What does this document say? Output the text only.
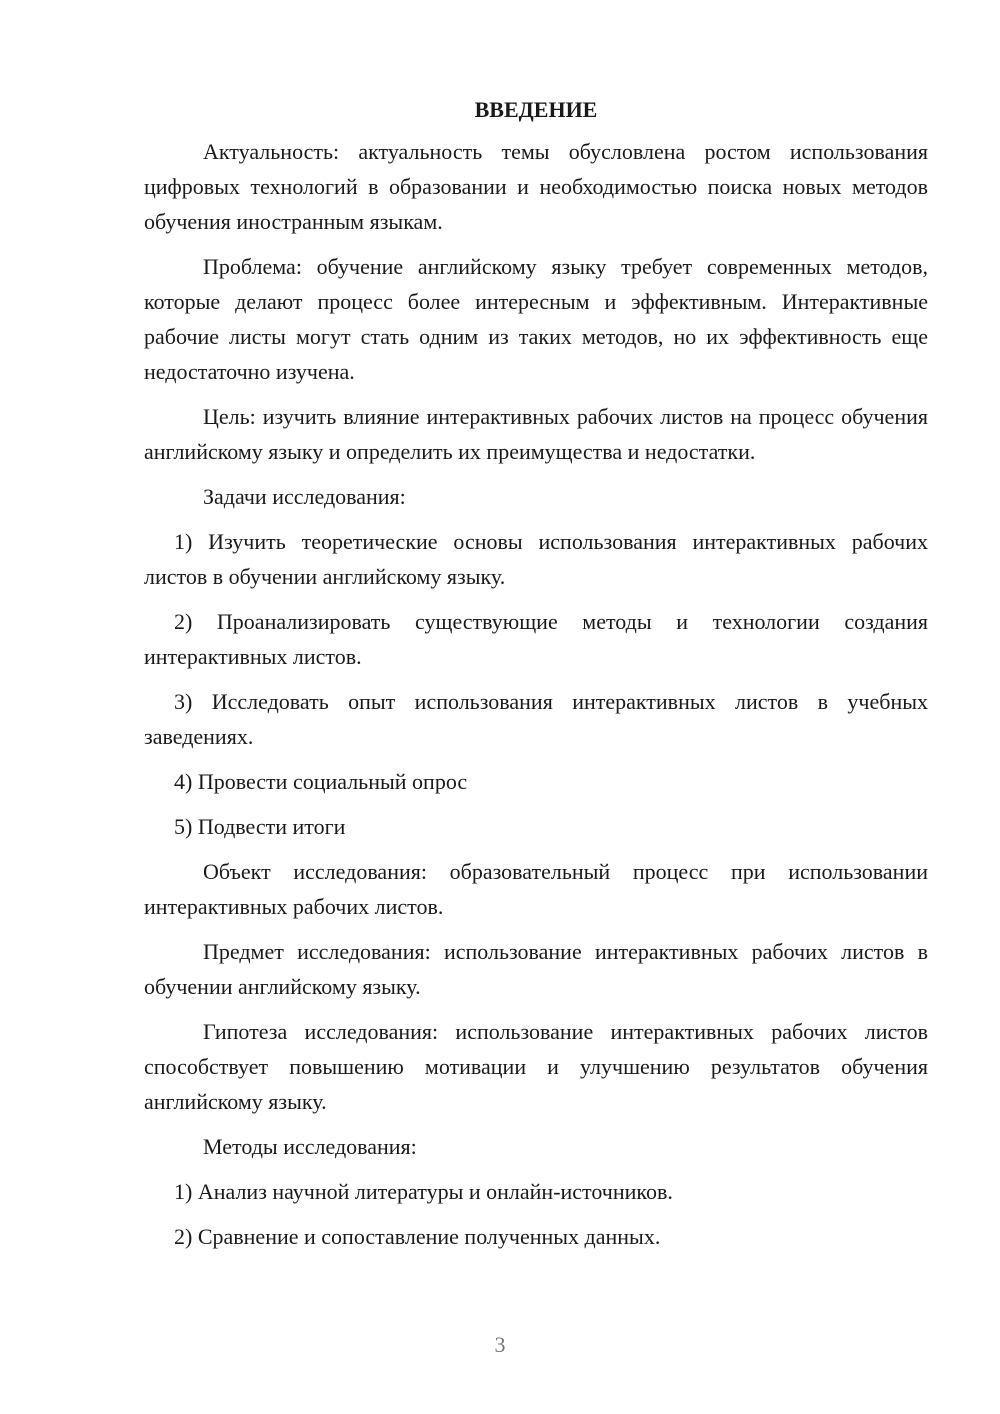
ВВЕДЕНИЕ

Актуальность: актуальность темы обусловлена ростом использования цифровых технологий в образовании и необходимостью поиска новых методов обучения иностранным языкам.

Проблема: обучение английскому языку требует современных методов, которые делают процесс более интересным и эффективным. Интерактивные рабочие листы могут стать одним из таких методов, но их эффективность еще недостаточно изучена.

Цель: изучить влияние интерактивных рабочих листов на процесс обучения английскому языку и определить их преимущества и недостатки.

Задачи исследования:

1) Изучить теоретические основы использования интерактивных рабочих листов в обучении английскому языку.

2) Проанализировать существующие методы и технологии создания интерактивных листов.

3) Исследовать опыт использования интерактивных листов в учебных заведениях.

4) Провести социальный опрос

5) Подвести итоги

Объект исследования: образовательный процесс при использовании интерактивных рабочих листов.

Предмет исследования: использование интерактивных рабочих листов в обучении английскому языку.

Гипотеза исследования: использование интерактивных рабочих листов способствует повышению мотивации и улучшению результатов обучения английскому языку.

Методы исследования:

1) Анализ научной литературы и онлайн-источников.

2) Сравнение и сопоставление полученных данных.

3
